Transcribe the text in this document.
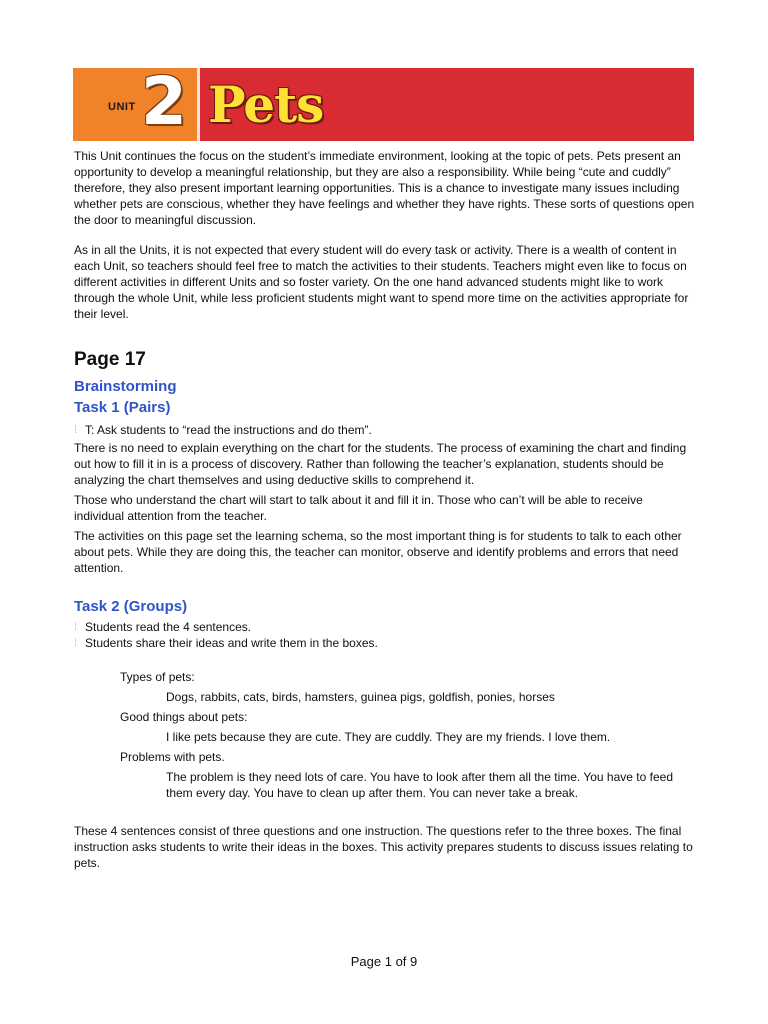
UNIT 2 Pets

This Unit continues the focus on the student’s immediate environment, looking at the topic of pets. Pets present an opportunity to develop a meaningful relationship, but they are also a responsibility. While being “cute and cuddly” therefore, they also present important learning opportunities. This is a chance to investigate many issues including whether pets are conscious, whether they have feelings and whether they have rights. These sorts of questions open the door to meaningful discussion.

As in all the Units, it is not expected that every student will do every task or activity. There is a wealth of content in each Unit, so teachers should feel free to match the activities to their students. Teachers might even like to focus on different activities in different Units and so foster variety. On the one hand advanced students might like to work through the whole Unit, while less proficient students might want to spend more time on the activities appropriate for their level.

Page 17
Brainstorming
Task 1 (Pairs)
⁞ T: Ask students to “read the instructions and do them”.

There is no need to explain everything on the chart for the students. The process of examining the chart and finding out how to fill it in is a process of discovery. Rather than following the teacher’s explanation, students should be analyzing the chart themselves and using deductive skills to comprehend it.

Those who understand the chart will start to talk about it and fill it in. Those who can’t will be able to receive individual attention from the teacher.

The activities on this page set the learning schema, so the most important thing is for students to talk to each other about pets. While they are doing this, the teacher can monitor, observe and identify problems and errors that need attention.

Task 2 (Groups)
⁞ Students read the 4 sentences.
⁞ Students share their ideas and write them in the boxes.
Types of pets:
Dogs, rabbits, cats, birds, hamsters, guinea pigs, goldfish, ponies, horses
Good things about pets:
I like pets because they are cute. They are cuddly. They are my friends. I love them.
Problems with pets.
The problem is they need lots of care. You have to look after them all the time. You have to feed them every day. You have to clean up after them. You can never take a break.

These 4 sentences consist of three questions and one instruction. The questions refer to the three boxes. The final instruction asks students to write their ideas in the boxes. This activity prepares students to discuss issues relating to pets.

Page 1 of 9
